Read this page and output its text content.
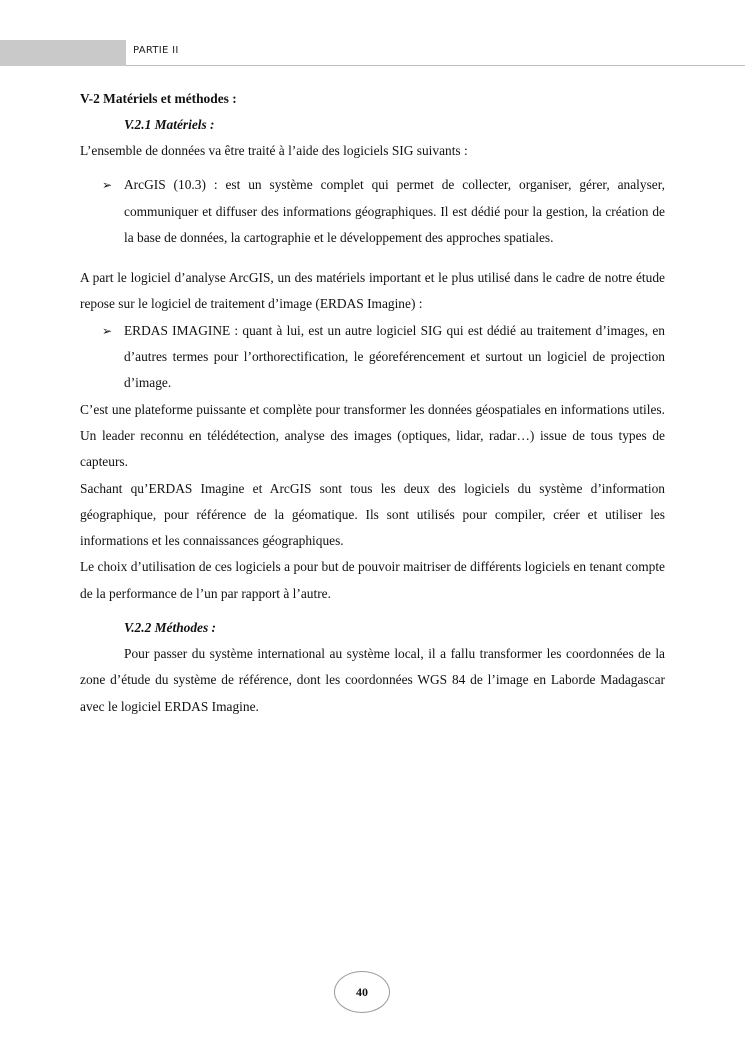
PARTIE II
V-2 Matériels et méthodes :
V.2.1 Matériels :
L’ensemble de données va être traité à l’aide des logiciels SIG suivants :
➢ ArcGIS (10.3) : est un système complet qui permet de collecter, organiser, gérer, analyser, communiquer et diffuser des informations géographiques. Il est dédié pour la gestion, la création de la base de données, la cartographie et le développement des approches spatiales.
A part le logiciel d’analyse ArcGIS, un des matériels important et le plus utilisé dans le cadre de notre étude repose sur le logiciel de traitement d’image (ERDAS Imagine) :
➢ ERDAS IMAGINE : quant à lui, est un autre logiciel SIG qui est dédié au traitement d’images, en d’autres termes pour l’orthorectification, le géoreférencement et surtout un logiciel de projection d’image.
C’est une plateforme puissante et complète pour transformer les données géospatiales en informations utiles. Un leader reconnu en télédétection, analyse des images (optiques, lidar, radar…) issue de tous types de capteurs.
Sachant qu’ERDAS Imagine et ArcGIS sont tous les deux des logiciels du système d’information géographique, pour référence de la géomatique. Ils sont utilisés pour compiler, créer et utiliser les informations et les connaissances géographiques.
Le choix d’utilisation de ces logiciels a pour but de pouvoir maitriser de différents logiciels en tenant compte de la performance de l’un par rapport à l’autre.
V.2.2 Méthodes :
Pour passer du système international au système local, il a fallu transformer les coordonnées de la zone d’étude du système de référence, dont les coordonnées WGS 84 de l’image en Laborde Madagascar avec le logiciel ERDAS Imagine.
40
